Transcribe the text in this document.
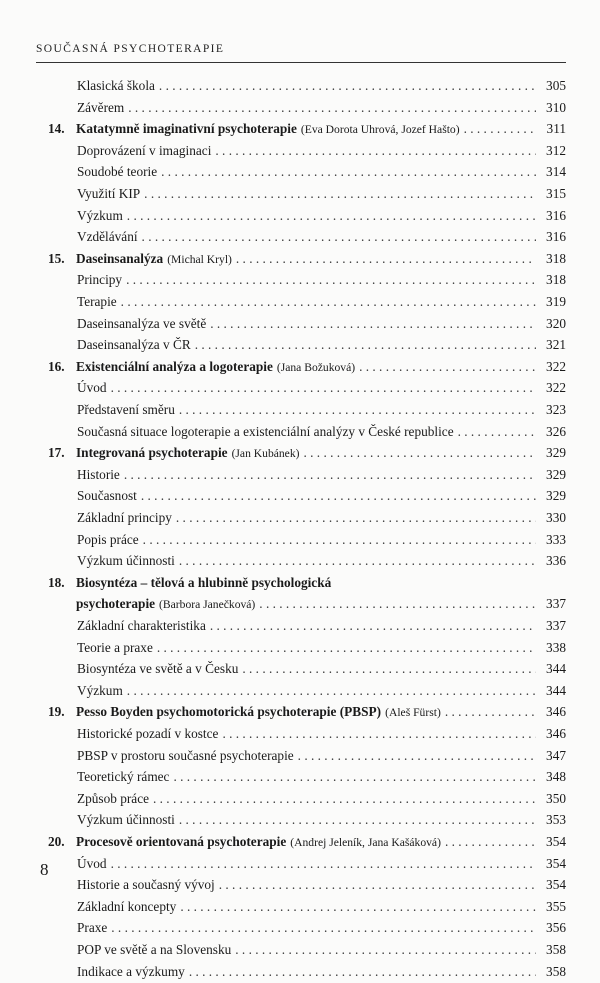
SOUČASNÁ PSYCHOTERAPIE
Klasická škola . . .	305
Závěrem . . .	310
14. Katatymně imaginativní psychoterapie (Eva Dorota Uhrová, Jozef Hašto) . . .	311
Doprovázení v imaginaci . . .	312
Soudobé teorie . . .	314
Využití KIP . . .	315
Výzkum . . .	316
Vzdělávání . . .	316
15. Daseinsanalýza (Michal Kryl) . . .	318
Principy . . .	318
Terapie . . .	319
Daseinsanalýza ve světě . . .	320
Daseinsanalýza v ČR . . .	321
16. Existenciální analýza a logoterapie (Jana Božuková) . . .	322
Úvod . . .	322
Představení směru . . .	323
Současná situace logoterapie a existenciální analýzy v České republice . . .	326
17. Integrovaná psychoterapie (Jan Kubánek) . . .	329
Historie . . .	329
Současnost . . .	329
Základní principy . . .	330
Popis práce . . .	333
Výzkum účinnosti . . .	336
18. Biosyntéza – tělová a hlubinně psychologická
psychoterapie (Barbora Janečková) . . .	337
Základní charakteristika . . .	337
Teorie a praxe . . .	338
Biosyntéza ve světě a v Česku . . .	344
Výzkum . . .	344
19. Pesso Boyden psychomotorická psychoterapie (PBSP) (Aleš Fürst) . . .	346
Historické pozadí v kostce . . .	346
PBSP v prostoru současné psychoterapie . . .	347
Teoretický rámec . . .	348
Způsob práce . . .	350
Výzkum účinnosti . . .	353
20. Procesově orientovaná psychoterapie (Andrej Jeleník, Jana Kašáková) . . .	354
Úvod . . .	354
Historie a současný vývoj . . .	354
Základní koncepty . . .	355
Praxe . . .	356
POP ve světě a na Slovensku . . .	358
Indikace a výzkumy . . .	358
8
